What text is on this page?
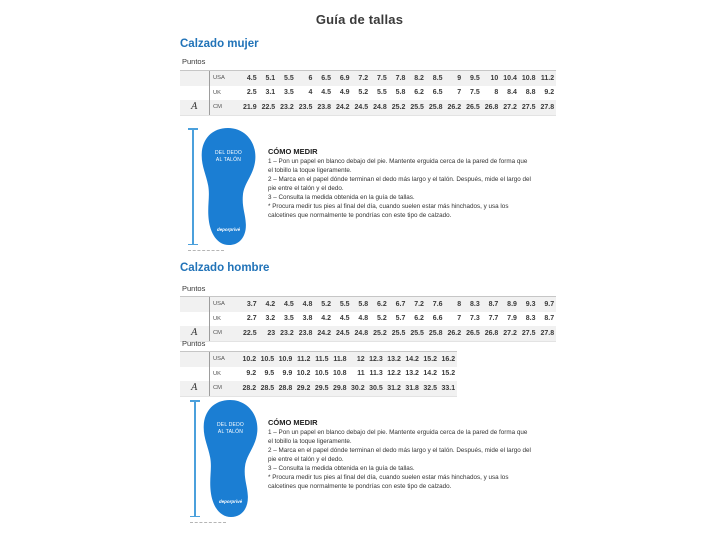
Guía de tallas
Calzado mujer
Puntos
USA	4.5	5.1	5.5	6	6.5	6.9	7.2	7.5	7.8	8.2	8.5	9	9.5	10 10.4 10.8 11.2
UK	2.5	3.1	3.5	4	4.5	4.9	5.2	5.5	5.8	6.2	6.5	7	7.5	8	8.4	8.8	9.2
A	CM	21.9 22.5 23.2 23.5 23.8 24.2 24.5 24.8 25.2 25.5 25.8 26.2 26.5 26.8 27.2 27.5 27.8
DEL DEDO
AL TALÓN
deporprivé
CÓMO MEDIR
1 – Pon un papel en blanco debajo del pie. Mantente erguida cerca de la pared de forma que el tobillo la toque ligeramente.
2 – Marca en el papel dónde terminan el dedo más largo y el talón. Después, mide el largo del pie entre el talón y el dedo.
3 – Consulta la medida obtenida en la guía de tallas.
* Procura medir tus pies al final del día, cuando suelen estar más hinchados, y usa los calcetines que normalmente te pondrías con este tipo de calzado.
Calzado hombre
Puntos
USA	3.7	4.2	4.5	4.8	5.2	5.5	5.8	6.2	6.7	7.2	7.6	8	8.3	8.7	8.9	9.3	9.7
UK	2.7	3.2	3.5	3.8	4.2	4.5	4.8	5.2	5.7	6.2	6.6	7	7.3	7.7	7.9	8.3	8.7
A	CM	22.5	23 23.2 23.8 24.2 24.5 24.8 25.2 25.5 25.5 25.8 26.2 26.5 26.8 27.2 27.5 27.8
Puntos
USA	10.2 10.5 10.9 11.2 11.5 11.8	12 12.3 13.2 14.2 15.2 16.2
UK	9.2	9.5	9.9 10.2 10.5 10.8	11 11.3 12.2 13.2 14.2 15.2
A	CM	28.2 28.5 28.8 29.2 29.5 29.8 30.2 30.5 31.2 31.8 32.5 33.1
DEL DEDO
AL TALÓN
deporprivé
CÓMO MEDIR
1 – Pon un papel en blanco debajo del pie. Mantente erguida cerca de la pared de forma que el tobillo la toque ligeramente.
2 – Marca en el papel dónde terminan el dedo más largo y el talón. Después, mide el largo del pie entre el talón y el dedo.
3 – Consulta la medida obtenida en la guía de tallas.
* Procura medir tus pies al final del día, cuando suelen estar más hinchados, y usa los calcetines que normalmente te pondrías con este tipo de calzado.
